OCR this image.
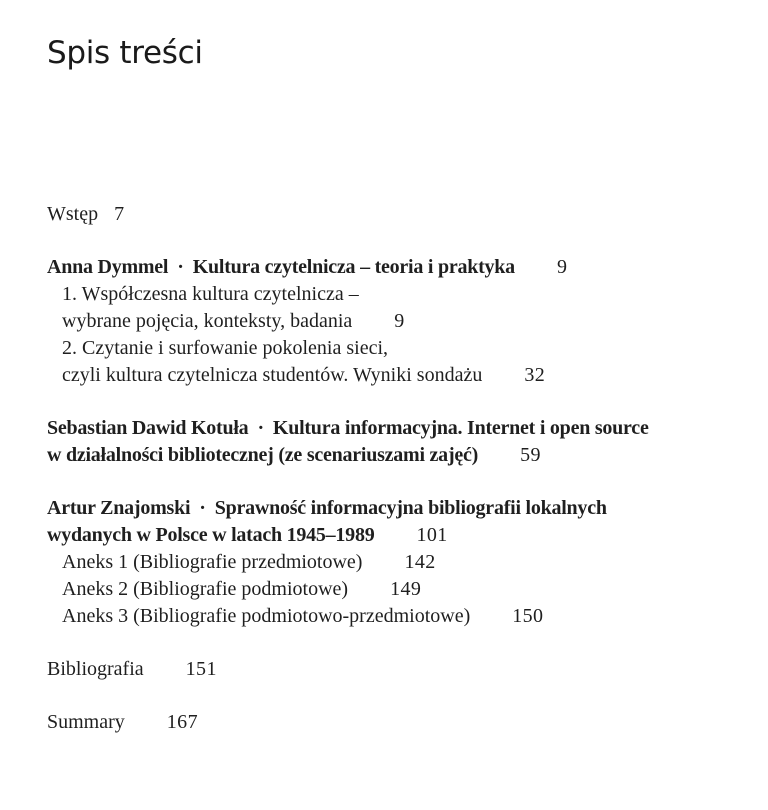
Spis treści
Wstęp 7
Anna Dymmel · Kultura czytelnicza – teoria i praktyka 9
1. Współczesna kultura czytelnicza –
wybrane pojęcia, konteksty, badania 9
2. Czytanie i surfowanie pokolenia sieci,
czyli kultura czytelnicza studentów. Wyniki sondażu 32
Sebastian Dawid Kotuła · Kultura informacyjna. Internet i open source
w działalności bibliotecznej (ze scenariuszami zajęć) 59
Artur Znajomski · Sprawność informacyjna bibliografii lokalnych
wydanych w Polsce w latach 1945–1989 101
Aneks 1 (Bibliografie przedmiotowe) 142
Aneks 2 (Bibliografie podmiotowe) 149
Aneks 3 (Bibliografie podmiotowo-przedmiotowe) 150
Bibliografia 151
Summary 167
